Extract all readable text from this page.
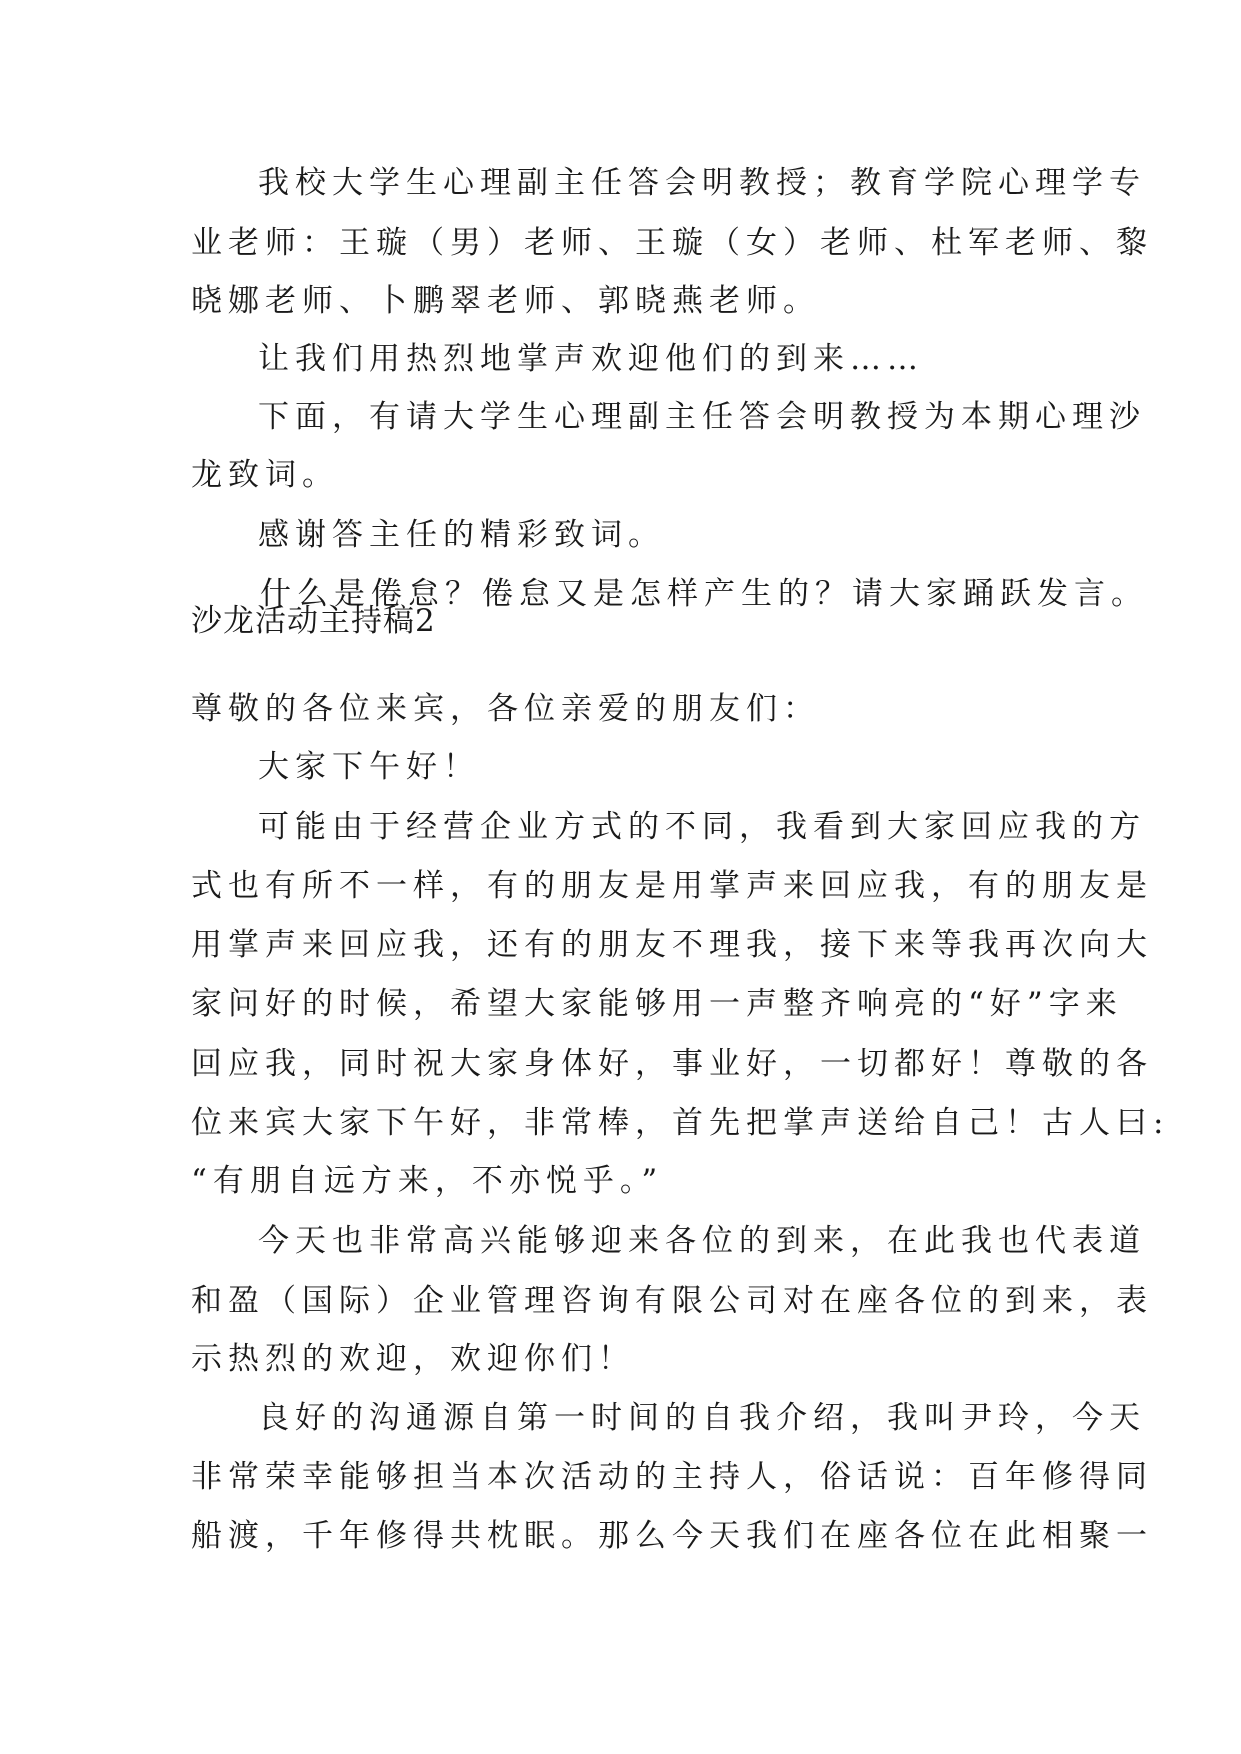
我校大学生心理副主任答会明教授；教育学院心理学专
业老师：王璇（男）老师、王璇（女）老师、杜军老师、黎
晓娜老师、卜鹏翠老师、郭晓燕老师。
让我们用热烈地掌声欢迎他们的到来……
下面，有请大学生心理副主任答会明教授为本期心理沙
龙致词。
感谢答主任的精彩致词。
什么是倦怠？倦怠又是怎样产生的？请大家踊跃发言。
沙龙活动主持稿2
尊敬的各位来宾，各位亲爱的朋友们：
大家下午好！
可能由于经营企业方式的不同，我看到大家回应我的方
式也有所不一样，有的朋友是用掌声来回应我，有的朋友是
用掌声来回应我，还有的朋友不理我，接下来等我再次向大
家问好的时候，希望大家能够用一声整齐响亮的“好”字来
回应我，同时祝大家身体好，事业好，一切都好！尊敬的各
位来宾大家下午好，非常棒，首先把掌声送给自己！古人曰:
“有朋自远方来，不亦悦乎。”
今天也非常高兴能够迎来各位的到来，在此我也代表道
和盈（国际）企业管理咨询有限公司对在座各位的到来，表
示热烈的欢迎，欢迎你们！
良好的沟通源自第一时间的自我介绍，我叫尹玲，今天
非常荣幸能够担当本次活动的主持人，俗话说：百年修得同
船渡，千年修得共枕眠。那么今天我们在座各位在此相聚一
